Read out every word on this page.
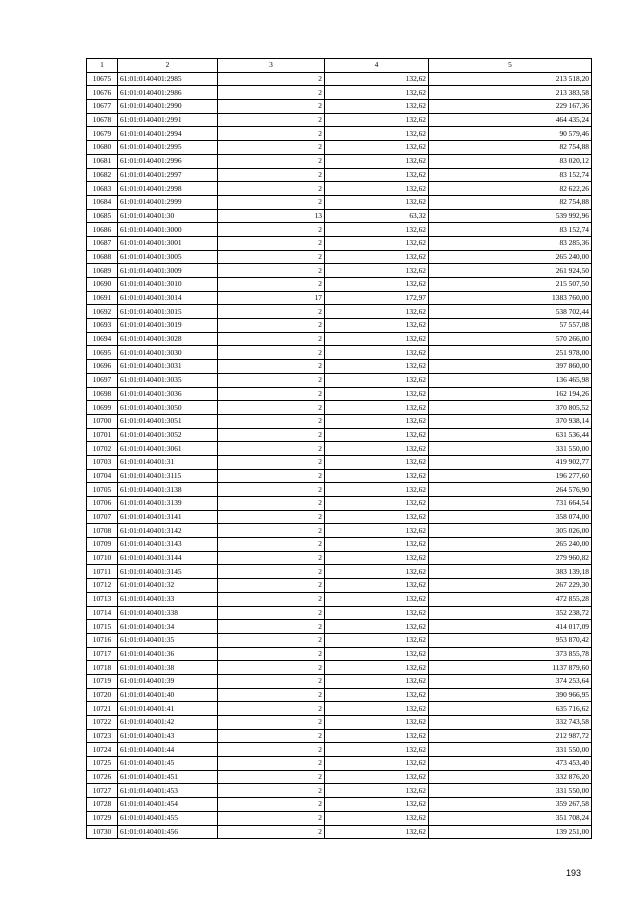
1	2	3	4	5
10675	61:01:0140401:2985	2	132,62	213 518,20
10676	61:01:0140401:2986	2	132,62	213 383,58
10677	61:01:0140401:2990	2	132,62	229 167,36
10678	61:01:0140401:2991	2	132,62	464 435,24
10679	61:01:0140401:2994	2	132,62	90 579,46
10680	61:01:0140401:2995	2	132,62	82 754,88
10681	61:01:0140401:2996	2	132,62	83 020,12
10682	61:01:0140401:2997	2	132,62	83 152,74
10683	61:01:0140401:2998	2	132,62	82 622,26
10684	61:01:0140401:2999	2	132,62	82 754,88
10685	61:01:0140401:30	13	63,32	539 992,96
10686	61:01:0140401:3000	2	132,62	83 152,74
10687	61:01:0140401:3001	2	132,62	83 285,36
10688	61:01:0140401:3005	2	132,62	265 240,00
10689	61:01:0140401:3009	2	132,62	261 924,50
10690	61:01:0140401:3010	2	132,62	215 507,50
10691	61:01:0140401:3014	17	172,97	1383 760,00
10692	61:01:0140401:3015	2	132,62	538 702,44
10693	61:01:0140401:3019	2	132,62	57 557,08
10694	61:01:0140401:3028	2	132,62	570 266,00
10695	61:01:0140401:3030	2	132,62	251 978,00
10696	61:01:0140401:3031	2	132,62	397 860,00
10697	61:01:0140401:3035	2	132,62	136 465,98
10698	61:01:0140401:3036	2	132,62	162 194,26
10699	61:01:0140401:3050	2	132,62	370 805,52
10700	61:01:0140401:3051	2	132,62	370 938,14
10701	61:01:0140401:3052	2	132,62	631 536,44
10702	61:01:0140401:3061	2	132,62	331 550,00
10703	61:01:0140401:31	2	132,62	419 902,77
10704	61:01:0140401:3115	2	132,62	196 277,60
10705	61:01:0140401:3138	2	132,62	264 576,90
10706	61:01:0140401:3139	2	132,62	731 664,54
10707	61:01:0140401:3141	2	132,62	358 074,00
10708	61:01:0140401:3142	2	132,62	305 026,00
10709	61:01:0140401:3143	2	132,62	265 240,00
10710	61:01:0140401:3144	2	132,62	279 960,82
10711	61:01:0140401:3145	2	132,62	383 139,18
10712	61:01:0140401:32	2	132,62	267 229,30
10713	61:01:0140401:33	2	132,62	472 855,28
10714	61:01:0140401:338	2	132,62	352 238,72
10715	61:01:0140401:34	2	132,62	414 017,09
10716	61:01:0140401:35	2	132,62	953 870,42
10717	61:01:0140401:36	2	132,62	373 855,78
10718	61:01:0140401:38	2	132,62	1137 879,60
10719	61:01:0140401:39	2	132,62	374 253,64
10720	61:01:0140401:40	2	132,62	390 966,95
10721	61:01:0140401:41	2	132,62	635 716,62
10722	61:01:0140401:42	2	132,62	332 743,58
10723	61:01:0140401:43	2	132,62	212 987,72
10724	61:01:0140401:44	2	132,62	331 550,00
10725	61:01:0140401:45	2	132,62	473 453,40
10726	61:01:0140401:451	2	132,62	332 876,20
10727	61:01:0140401:453	2	132,62	331 550,00
10728	61:01:0140401:454	2	132,62	359 267,58
10729	61:01:0140401:455	2	132,62	351 708,24
10730	61:01:0140401:456	2	132,62	139 251,00
193
